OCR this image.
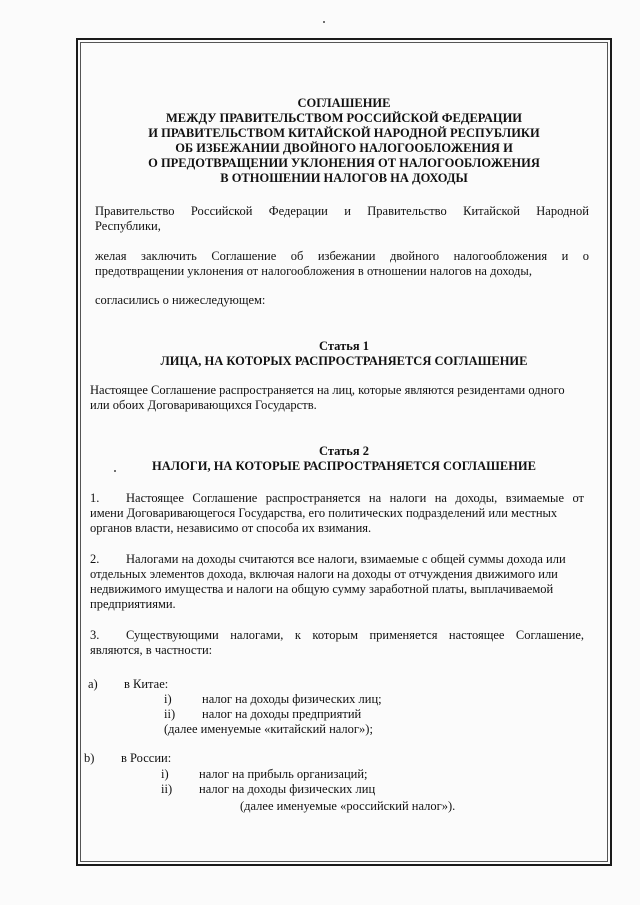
СОГЛАШЕНИЕ
МЕЖДУ ПРАВИТЕЛЬСТВОМ РОССИЙСКОЙ ФЕДЕРАЦИИ
И ПРАВИТЕЛЬСТВОМ КИТАЙСКОЙ НАРОДНОЙ РЕСПУБЛИКИ
ОБ ИЗБЕЖАНИИ ДВОЙНОГО НАЛОГООБЛОЖЕНИЯ И
О ПРЕДОТВРАЩЕНИИ УКЛОНЕНИЯ ОТ НАЛОГООБЛОЖЕНИЯ
В ОТНОШЕНИИ НАЛОГОВ НА ДОХОДЫ
Правительство Российской Федерации и Правительство Китайской Народной
Республики,
желая заключить Соглашение об избежании двойного налогообложения и о
предотвращении уклонения от налогообложения в отношении налогов на доходы,
согласились о нижеследующем:
Статья 1
ЛИЦА, НА КОТОРЫХ РАСПРОСТРАНЯЕТСЯ СОГЛАШЕНИЕ
Настоящее Соглашение распространяется на лиц, которые являются резидентами одного
или обоих Договаривающихся Государств.
Статья 2
НАЛОГИ, НА КОТОРЫЕ РАСПРОСТРАНЯЕТСЯ СОГЛАШЕНИЕ
1. Настоящее Соглашение распространяется на налоги на доходы, взимаемые от
имени Договаривающегося Государства, его политических подразделений или местных
органов власти, независимо от способа их взимания.
2. Налогами на доходы считаются все налоги, взимаемые с общей суммы дохода или
отдельных элементов дохода, включая налоги на доходы от отчуждения движимого или
недвижимого имущества и налоги на общую сумму заработной платы, выплачиваемой
предприятиями.
3. Существующими налогами, к которым применяется настоящее Соглашение,
являются, в частности:
a) в Китае:
i) налог на доходы физических лиц;
ii) налог на доходы предприятий
(далее именуемые «китайский налог»);
b) в России:
i) налог на прибыль организаций;
ii) налог на доходы физических лиц
(далее именуемые «российский налог»).
